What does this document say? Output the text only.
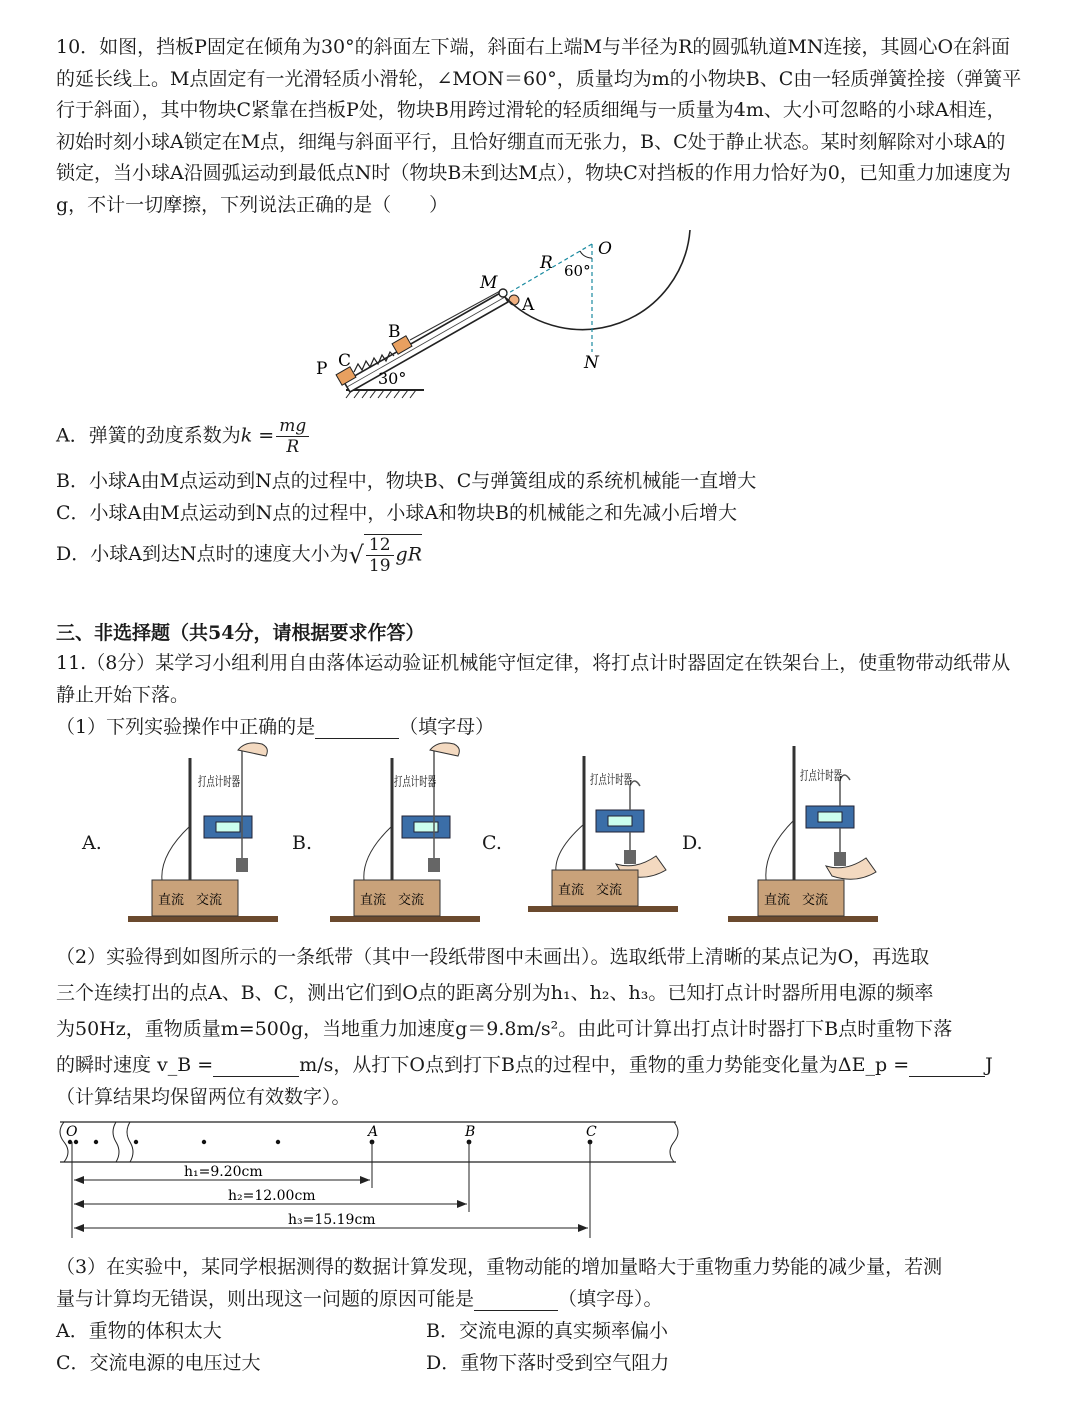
10．如图，挡板P固定在倾角为30°的斜面左下端，斜面右上端M与半径为R的圆弧轨道MN连接，其圆心O在斜面的延长线上。M点固定有一光滑轻质小滑轮，∠MON＝60°，质量均为m的小物块B、C由一轻质弹簧拴接（弹簧平行于斜面），其中物块C紧靠在挡板P处，物块B用跨过滑轮的轻质细绳与一质量为4m、大小可忽略的小球A相连，初始时刻小球A锁定在M点，细绳与斜面平行，且恰好绷直而无张力，B、C处于静止状态。某时刻解除对小球A的锁定，当小球A沿圆弧运动到最低点N时（物块B未到达M点），物块C对挡板的作用力恰好为0，已知重力加速度为g，不计一切摩擦，下列说法正确的是（　　）
O
R 60°
M
A
N
B
C
P	30°
A．弹簧的劲度系数为$k = \frac{mg}{R}$
B．小球A由M点运动到N点的过程中，物块B、C与弹簧组成的系统机械能一直增大
C．小球A由M点运动到N点的过程中，小球A和物块B的机械能之和先减小后增大
D．小球A到达N点时的速度大小为√ $\frac{12}{19}$ gR
三、非选择题（共54分，请根据要求作答）
11.（8分）某学习小组利用自由落体运动验证机械能守恒定律，将打点计时器固定在铁架台上，使重物带动纸带从静止开始下落。
（1）下列实验操作中正确的是	（填字母）
A.
直流 交流
打点计时器
B.
直流 交流
打点计时器
C.
直流 交流
打点计时器
D.
直流 交流
打点计时器
（2）实验得到如图所示的一条纸带（其中一段纸带图中未画出）。选取纸带上清晰的某点记为O，再选取
三个连续打出的点A、B、C，测出它们到O点的距离分别为h₁、h₂、h₃。已知打点计时器所用电源的频率
为50Hz，重物质量m=500g，当地重力加速度g＝9.8m/s²。由此可计算出打点计时器打下B点时重物下落
的瞬时速度 v_B =	m/s，从打下O点到打下B点的过程中，重物的重力势能变化量为ΔE_p =	J
（计算结果均保留两位有效数字）。
O	A	B	C
h₁=9.20cm
h₂=12.00cm
h₃=15.19cm
（3）在实验中，某同学根据测得的数据计算发现，重物动能的增加量略大于重物重力势能的减少量，若测
量与计算均无错误，则出现这一问题的原因可能是	（填字母）。
A．重物的体积太大	B．交流电源的真实频率偏小
C．交流电源的电压过大	D．重物下落时受到空气阻力
